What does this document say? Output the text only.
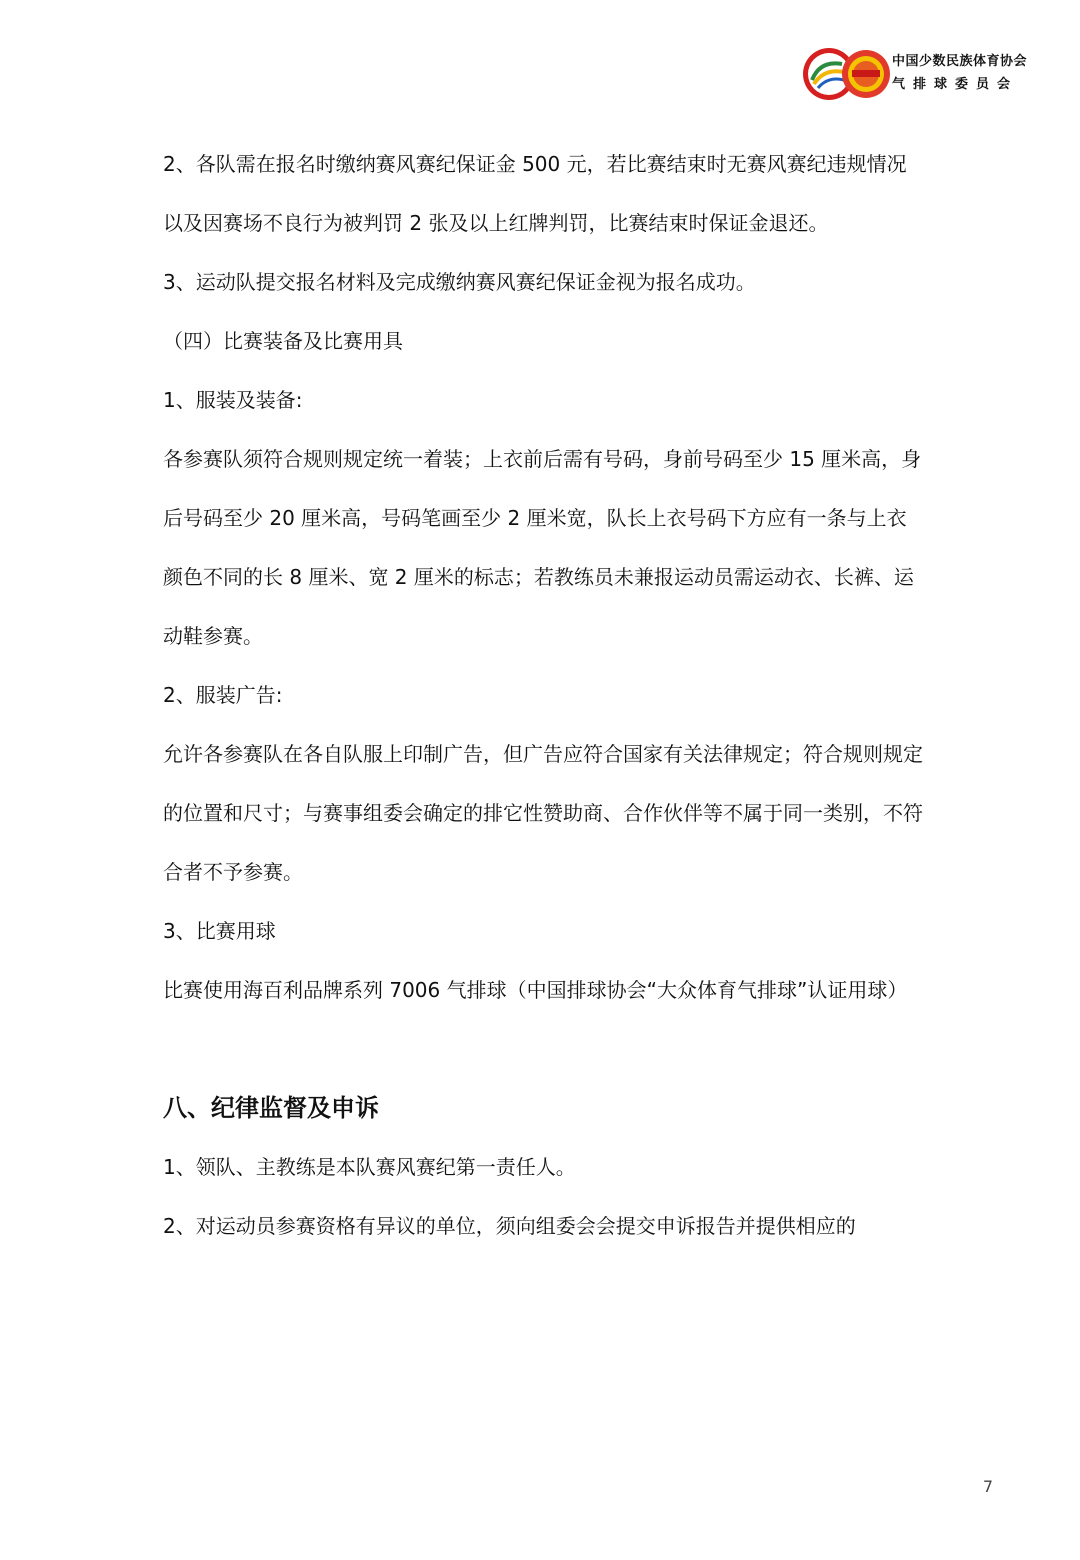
中国少数民族体育协会
气排球委员会

2、各队需在报名时缴纳赛风赛纪保证金 500 元，若比赛结束时无赛风赛纪违规情况以及因赛场不良行为被判罚 2 张及以上红牌判罚，比赛结束时保证金退还。

3、运动队提交报名材料及完成缴纳赛风赛纪保证金视为报名成功。

（四）比赛装备及比赛用具

1、服装及装备:

各参赛队须符合规则规定统一着装；上衣前后需有号码，身前号码至少 15 厘米高，身后号码至少 20 厘米高，号码笔画至少 2 厘米宽，队长上衣号码下方应有一条与上衣颜色不同的长 8 厘米、宽 2 厘米的标志；若教练员未兼报运动员需运动衣、长裤、运动鞋参赛。

2、服装广告:

允许各参赛队在各自队服上印制广告，但广告应符合国家有关法律规定；符合规则规定的位置和尺寸；与赛事组委会确定的排它性赞助商、合作伙伴等不属于同一类别，不符合者不予参赛。

3、比赛用球

比赛使用海百利品牌系列 7006 气排球（中国排球协会“大众体育气排球”认证用球）

八、纪律监督及申诉

1、领队、主教练是本队赛风赛纪第一责任人。

2、对运动员参赛资格有异议的单位，须向组委会会提交申诉报告并提供相应的

7
